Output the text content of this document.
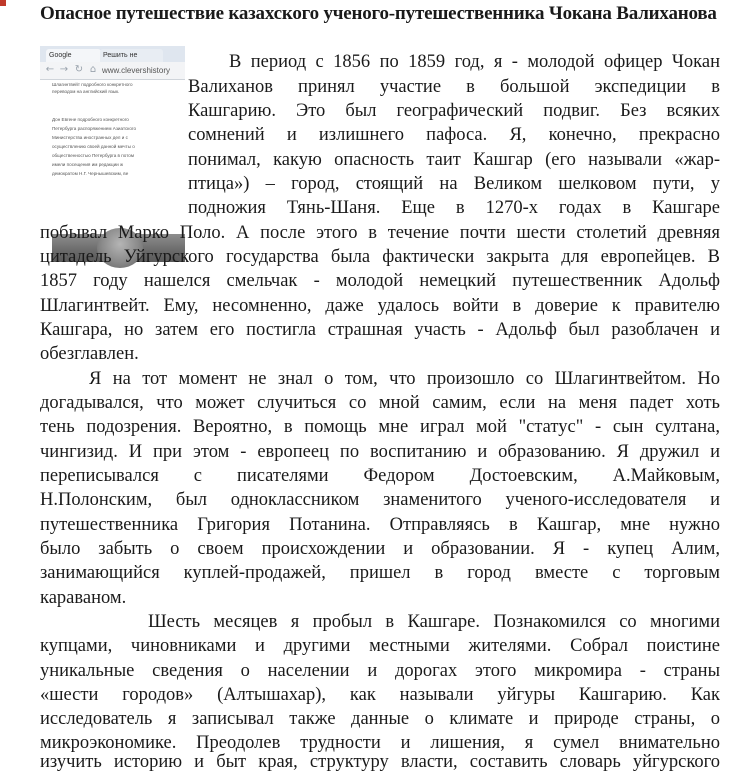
Опасное путешествие казахского ученого-путешественника Чокана Валиханова
Google	Решить не
← → ↻ ⌂ www.clevershistory
Шлагинтвейт подробного конкретного
переводом на английский язык.
Дон Евгене подробного конкретного
Петербурга распоряжением Азиатского
Министерства иностранных дел и с
осуществлению своей данной мечты о
общественностью Петербурга в потом
имели посещения им редакции ж
демократом Н.Г. Чернышевским, ве

В период с 1856 по 1859 год, я - молодой офицер Чокан

Валиханов принял участие в большой экспедиции в

Кашгарию. Это был географический подвиг. Без всяких

сомнений и излишнего пафоса. Я, конечно, прекрасно

понимал, какую опасность таит Кашгар (его называли «жар-

птица») – город, стоящий на Великом шелковом пути, у

подножия Тянь-Шаня. Еще в 1270-х годах в Кашгаре

побывал Марко Поло. А после этого в течение почти шести столетий древняя

цитадель Уйгурского государства была фактически закрыта для европейцев. В

1857 году нашелся смельчак - молодой немецкий путешественник Адольф

Шлагинтвейт. Ему, несомненно, даже удалось войти в доверие к правителю

Кашгара, но затем его постигла страшная участь - Адольф был разоблачен и

обезглавлен.

Я на тот момент не знал о том, что произошло со Шлагинтвейтом. Но

догадывался, что может случиться со мной самим, если на меня падет хоть

тень подозрения. Вероятно, в помощь мне играл мой "статус" - сын султана,

чингизид. И при этом - европеец по воспитанию и образованию. Я дружил и

переписывался с писателями Федором Достоевским, А.Майковым,

Н.Полонским, был одноклассником знаменитого ученого-исследователя и

путешественника Григория Потанина. Отправляясь в Кашгар, мне нужно

было забыть о своем происхождении и образовании. Я - купец Алим,

занимающийся куплей-продажей, пришел в город вместе с торговым

караваном.

Шесть месяцев я пробыл в Кашгаре. Познакомился со многими

купцами, чиновниками и другими местными жителями. Собрал поистине

уникальные сведения о населении и дорогах этого микромира - страны

«шести городов» (Алтышахар), как называли уйгуры Кашгарию. Как

исследователь я записывал также данные о климате и природе страны, о

микроэкономике. Преодолев трудности и лишения, я сумел внимательно

изучить историю и быт края, структуру власти, составить словарь уйгурского
